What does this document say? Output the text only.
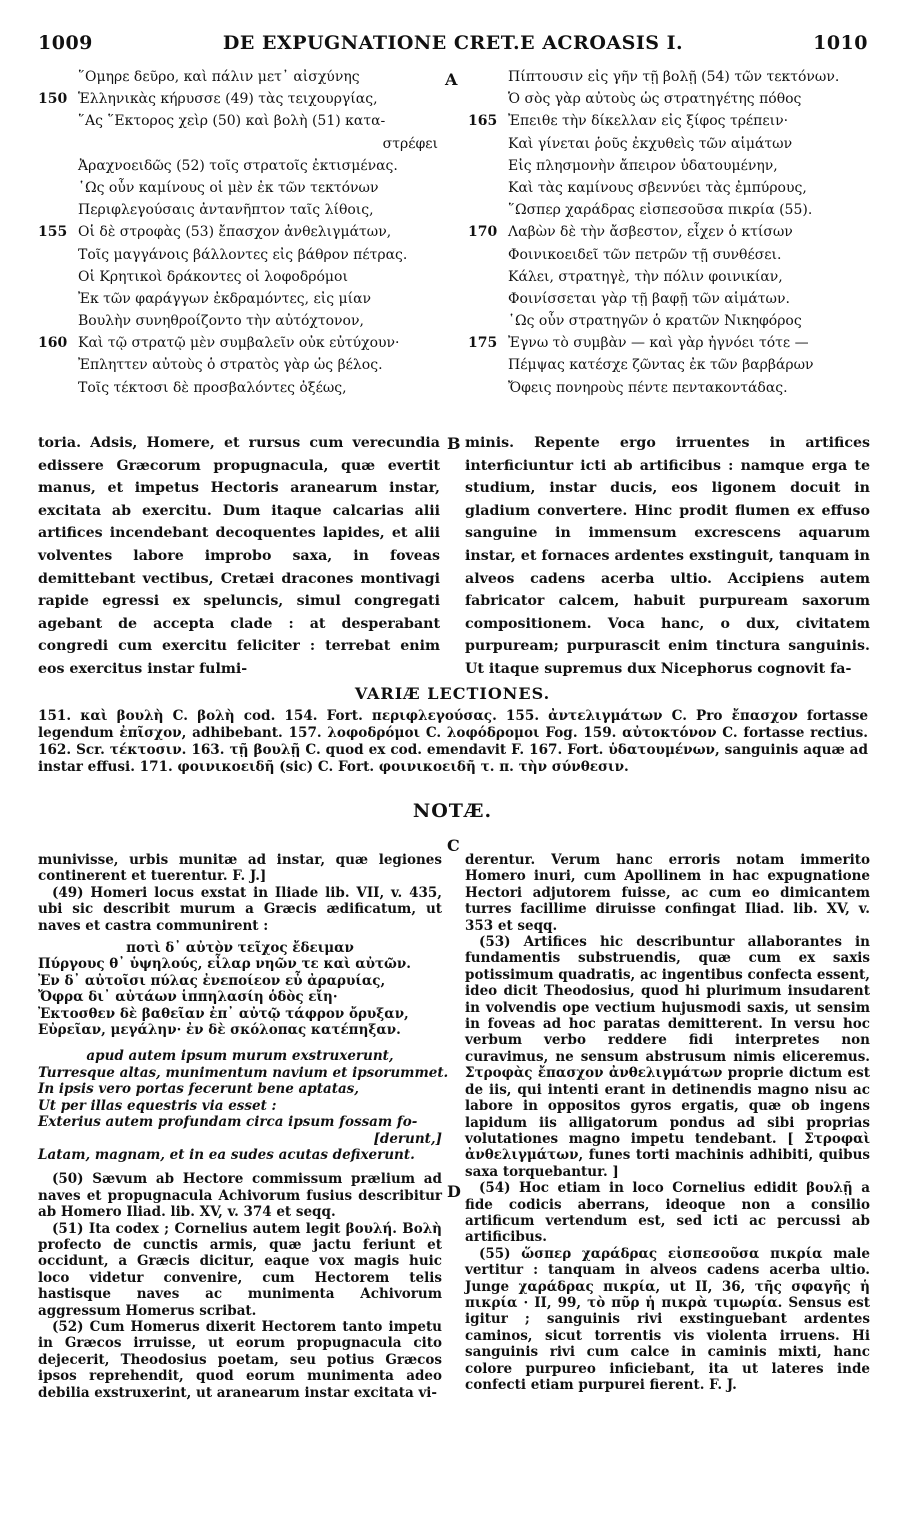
1009	DE EXPUGNATIONE CRET.E ACROASIS I.	1010
῞Ομηρε δεῦρο, καὶ πάλιν μετ᾽ αἰσχύνης
150 Ἑλληνικὰς κήρυσσε (49) τὰς τειχουργίας,
῞Ας ῞Εκτορος χεὶρ (50) καὶ βολὴ (51) κατα-
στρέφει
Ἀραχνοειδῶς (52) τοῖς στρατοῖς ἐκτισμένας.
῾Ως οὖν καμίνους οἱ μὲν ἐκ τῶν τεκτόνων
Περιφλεγούσαις ἀντανῆπτον ταῖς λίθοις,
155 Οἱ δὲ στροφὰς (53) ἔπασχον ἀνθελιγμάτων,
Τοῖς μαγγάνοις βάλλοντες εἰς βάθρον πέτρας.
Οἱ Κρητικοὶ δράκοντες οἱ λοφοδρόμοι
Ἐκ τῶν φαράγγων ἐκδραμόντες, εἰς μίαν
Βουλὴν συνηθροίζοντο τὴν αὐτόχτονον,
160 Καὶ τῷ στρατῷ μὲν συμβαλεῖν οὐκ εὐτύχουν·
Ἐπληττεν αὐτοὺς ὁ στρατὸς γὰρ ὡς βέλος.
Τοῖς τέκτοσι δὲ προσβαλόντες ὀξέως,
Πίπτουσιν εἰς γῆν τῇ βολῇ (54) τῶν τεκτόνων.
Ὁ σὸς γὰρ αὐτοὺς ὡς στρατηγέτης πόθος
165 Ἐπειθε τὴν δίκελλαν εἰς ξίφος τρέπειν·
Καὶ γίνεται ῥοῦς ἐκχυθεὶς τῶν αἱμάτων
Εἰς πλησμονὴν ἄπειρον ὑδατουμένην,
Καὶ τὰς καμίνους σβεννύει τὰς ἐμπύρους,
῞Ωσπερ χαράδρας εἰσπεσοῦσα πικρία (55).
170 Λαβὼν δὲ τὴν ἄσβεστον, εἶχεν ὁ κτίσων
Φοινικοειδεῖ τῶν πετρῶν τῇ συνθέσει.
Κάλει, στρατηγὲ, τὴν πόλιν φοινικίαν,
Φοινίσσεται γὰρ τῇ βαφῇ τῶν αἱμάτων.
῾Ως οὖν στρατηγῶν ὁ κρατῶν Νικηφόρος
175 Ἐγνω τὸ συμβὰν — καὶ γὰρ ἠγνόει τότε —
Πέμψας κατέσχε ζῶντας ἐκ τῶν βαρβάρων
Ὄφεις πονηροὺς πέντε πεντακοντάδας.
A
B
C
D
toria. Adsis, Homere, et rursus cum verecundia edissere Græcorum propugnacula, quæ evertit manus, et impetus Hectoris aranearum instar, excitata ab exercitu. Dum itaque calcarias alii artifices incendebant decoquentes lapides, et alii volventes labore improbo saxa, in foveas demittebant vectibus, Cretæi dracones montivagi rapide egressi ex speluncis, simul congregati agebant de accepta clade : at desperabant congredi cum exercitu feliciter : terrebat enim eos exercitus instar fulmi-
minis. Repente ergo irruentes in artifices interficiuntur icti ab artificibus : namque erga te studium, instar ducis, eos ligonem docuit in gladium convertere. Hinc prodit flumen ex effuso sanguine in immensum excrescens aquarum instar, et fornaces ardentes exstinguit, tanquam in alveos cadens acerba ultio. Accipiens autem fabricator calcem, habuit purpuream saxorum compositionem. Voca hanc, o dux, civitatem purpuream; purpurascit enim tinctura sanguinis. Ut itaque supremus dux Nicephorus cognovit fa-
VARIÆ LECTIONES.
151. καὶ βουλὴ C. βολὴ cod. 154. Fort. περιφλεγούσας. 155. ἀντελιγμάτων C. Pro ἔπασχον fortasse legendum ἐπῖσχον, adhibebant. 157. λοφοδρόμοι C. λοφόδρομοι Fog. 159. αὐτοκτόνον C. fortasse rectius. 162. Scr. τέκτοσιν. 163. τῇ βουλῇ C. quod ex cod. emendavit F. 167. Fort. ὑδατουμένων, sanguinis aquæ ad instar effusi. 171. φοινικοειδῆ (sic) C. Fort. φοινικοειδῆ τ. π. τὴν σύνθεσιν.
NOTÆ.

munivisse, urbis munitæ ad instar, quæ legiones continerent et tuerentur. F. J.]

(49) Homeri locus exstat in Iliade lib. VII, v. 435, ubi sic describit murum a Græcis ædificatum, ut naves et castra communirent :

ποτὶ δ᾽ αὐτὸν τεῖχος ἔδειμαν
Πύργους θ᾽ ὑψηλούς, εἶλαρ νηῶν τε καὶ αὐτῶν.
Ἐν δ᾽ αὐτοῖσι πύλας ἐνεποίεον εὖ ἀραρυίας,
Ὄφρα δι᾽ αὐτάων ἱππηλασίη ὁδὸς εἴη·
Ἐκτοσθεν δὲ βαθεῖαν ἐπ᾽ αὐτῷ τάφρον ὄρυξαν,
Εὐρεῖαν, μεγάλην· ἐν δὲ σκόλοπας κατέπηξαν.
apud autem ipsum murum exstruxerunt,
Turresque altas, munimentum navium et ipsorummet.
In ipsis vero portas fecerunt bene aptatas,
Ut per illas equestris via esset :
Exterius autem profundam circa ipsum fossam fo-
[derunt,]
Latam, magnam, et in ea sudes acutas defixerunt.

(50) Sævum ab Hectore commissum prælium ad naves et propugnacula Achivorum fusius describitur ab Homero Iliad. lib. XV, v. 374 et seqq.

(51) Ita codex ; Cornelius autem legit βουλή. Βολὴ profecto de cunctis armis, quæ jactu feriunt et occidunt, a Græcis dicitur, eaque vox magis huic loco videtur convenire, cum Hectorem telis hastisque naves ac munimenta Achivorum aggressum Homerus scribat.

(52) Cum Homerus dixerit Hectorem tanto impetu in Græcos irruisse, ut eorum propugnacula cito dejecerit, Theodosius poetam, seu potius Græcos ipsos reprehendit, quod eorum munimenta adeo debilia exstruxerint, ut aranearum instar excitata vi-

derentur. Verum hanc erroris notam immerito Homero inuri, cum Apollinem in hac expugnatione Hectori adjutorem fuisse, ac cum eo dimicantem turres facillime diruisse confingat Iliad. lib. XV, v. 353 et seqq.

(53) Artifices hic describuntur allaborantes in fundamentis substruendis, quæ cum ex saxis potissimum quadratis, ac ingentibus confecta essent, ideo dicit Theodosius, quod hi plurimum insudarent in volvendis ope vectium hujusmodi saxis, ut sensim in foveas ad hoc paratas demitterent. In versu hoc verbum verbo reddere fidi interpretes non curavimus, ne sensum abstrusum nimis eliceremus. Στροφὰς ἔπασχον ἀνθελιγμάτων proprie dictum est de iis, qui intenti erant in detinendis magno nisu ac labore in oppositos gyros ergatis, quæ ob ingens lapidum iis alligatorum pondus ad sibi proprias volutationes magno impetu tendebant. [ Στροφαὶ ἀνθελιγμάτων, funes torti machinis adhibiti, quibus saxa torquebantur. ]

(54) Hoc etiam in loco Cornelius edidit βουλῇ a fide codicis aberrans, ideoque non a consilio artificum vertendum est, sed icti ac percussi ab artificibus.

(55) ὥσπερ χαράδρας εἰσπεσοῦσα πικρία male vertitur : tanquam in alveos cadens acerba ultio. Junge χαράδρας πικρία, ut II, 36, τῆς σφαγῆς ἡ πικρία · II, 99, τὸ πῦρ ἡ πικρὰ τιμωρία. Sensus est igitur ; sanguinis rivi exstinguebant ardentes caminos, sicut torrentis vis violenta irruens. Hi sanguinis rivi cum calce in caminis mixti, hanc colore purpureo inficiebant, ita ut lateres inde confecti etiam purpurei fierent. F. J.
